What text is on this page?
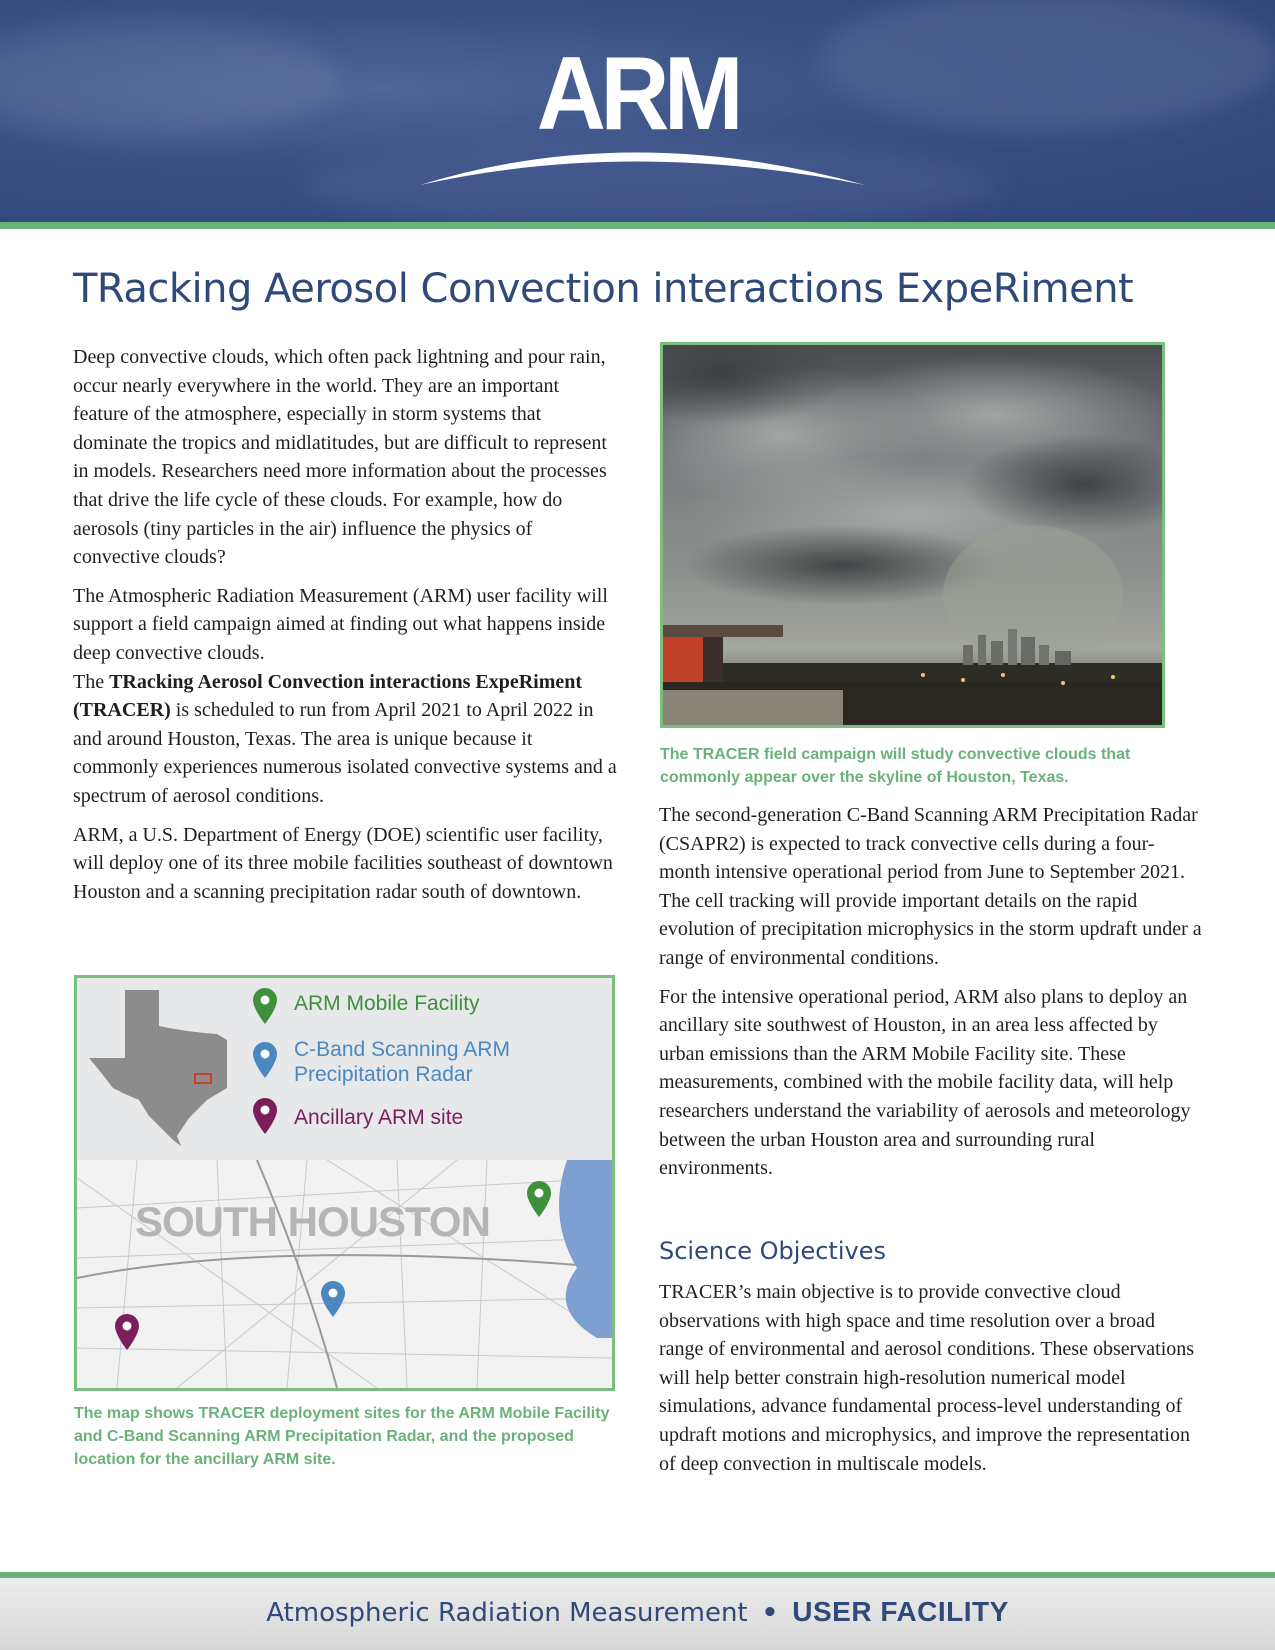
ARM
TRacking Aerosol Convection interactions ExpeRiment

Deep convective clouds, which often pack lightning and pour rain, occur nearly everywhere in the world. They are an important feature of the atmosphere, especially in storm systems that dominate the tropics and midlatitudes, but are difficult to represent in models. Researchers need more information about the processes that drive the life cycle of these clouds. For example, how do aerosols (tiny particles in the air) influence the physics of convective clouds?

The Atmospheric Radiation Measurement (ARM) user facility will support a field campaign aimed at finding out what happens inside deep convective clouds.

The TRacking Aerosol Convection interactions ExpeRiment (TRACER) is scheduled to run from April 2021 to April 2022 in and around Houston, Texas. The area is unique because it commonly experiences numerous isolated convective systems and a spectrum of aerosol conditions.

ARM, a U.S. Department of Energy (DOE) scientific user facility, will deploy one of its three mobile facilities southeast of downtown Houston and a scanning precipitation radar south of downtown.

The TRACER field campaign will study convective clouds that commonly appear over the skyline of Houston, Texas.
ARM Mobile Facility
C-Band Scanning ARM
Precipitation Radar
Ancillary ARM site
SOUTH HOUSTON
The map shows TRACER deployment sites for the ARM Mobile Facility and C-Band Scanning ARM Precipitation Radar, and the proposed location for the ancillary ARM site.

The second-generation C-Band Scanning ARM Precipitation Radar (CSAPR2) is expected to track convective cells during a four-month intensive operational period from June to September 2021. The cell tracking will provide important details on the rapid evolution of precipitation microphysics in the storm updraft under a range of environmental conditions.

For the intensive operational period, ARM also plans to deploy an ancillary site southwest of Houston, in an area less affected by urban emissions than the ARM Mobile Facility site. These measurements, combined with the mobile facility data, will help researchers understand the variability of aerosols and meteorology between the urban Houston area and surrounding rural environments.

Science Objectives

TRACER’s main objective is to provide convective cloud observations with high space and time resolution over a broad range of environmental and aerosol conditions. These observations will help better constrain high-resolution numerical model simulations, advance fundamental process-level understanding of updraft motions and microphysics, and improve the representation of deep convection in multiscale models.

Atmospheric Radiation Measurement • USER FACILITY
